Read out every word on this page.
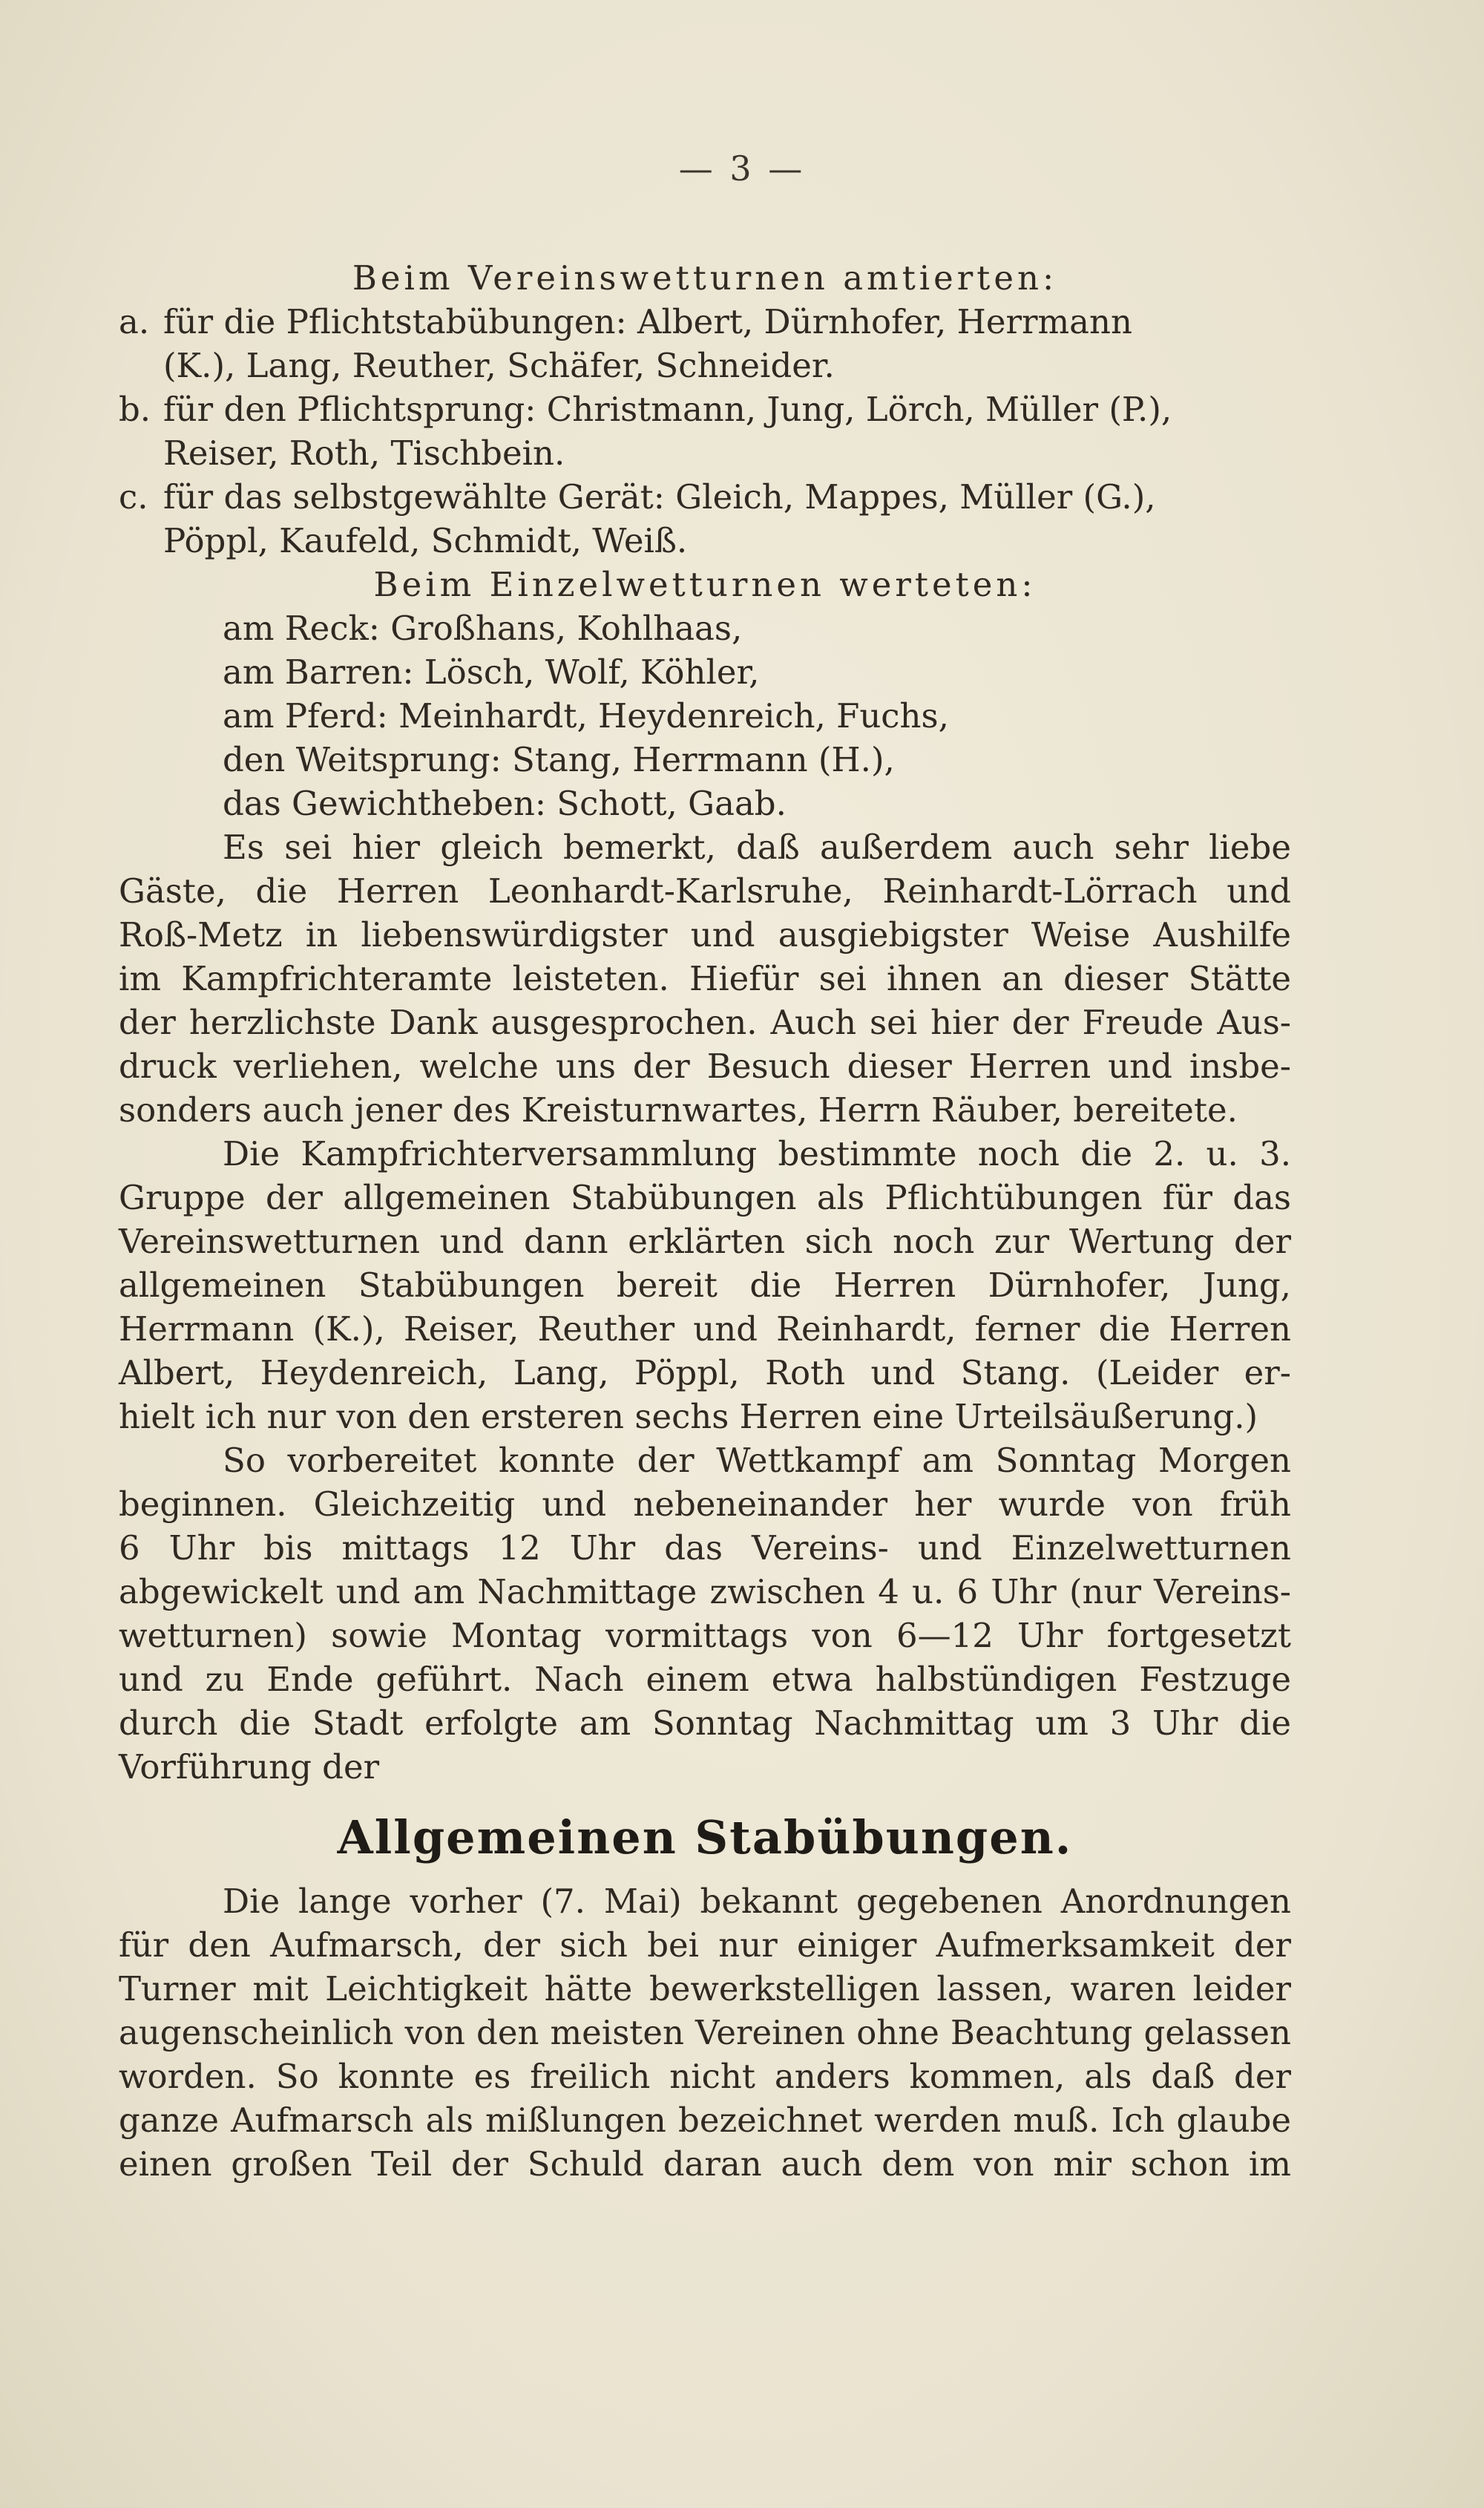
— 3 —

Beim Vereinswetturnen amtierten:

a. für die Pflichtstabübungen: Albert, Dürnhofer, Herrmann

(K.), Lang, Reuther, Schäfer, Schneider.

b. für den Pflichtsprung: Christmann, Jung, Lörch, Müller (P.),

Reiser, Roth, Tischbein.

c. für das selbstgewählte Gerät: Gleich, Mappes, Müller (G.),

Pöppl, Kaufeld, Schmidt, Weiß.

Beim Einzelwetturnen werteten:

am Reck: Großhans, Kohlhaas,

am Barren: Lösch, Wolf, Köhler,

am Pferd: Meinhardt, Heydenreich, Fuchs,

den Weitsprung: Stang, Herrmann (H.),

das Gewichtheben: Schott, Gaab.

Es sei hier gleich bemerkt, daß außerdem auch sehr liebe

Gäste, die Herren Leonhardt-Karlsruhe, Reinhardt-Lörrach und

Roß-Metz in liebenswürdigster und ausgiebigster Weise Aushilfe

im Kampfrichteramte leisteten. Hiefür sei ihnen an dieser Stätte

der herzlichste Dank ausgesprochen. Auch sei hier der Freude Aus-

druck verliehen, welche uns der Besuch dieser Herren und insbe-

sonders auch jener des Kreisturnwartes, Herrn Räuber, bereitete.

Die Kampfrichterversammlung bestimmte noch die 2. u. 3.

Gruppe der allgemeinen Stabübungen als Pflichtübungen für das

Vereinswetturnen und dann erklärten sich noch zur Wertung der

allgemeinen Stabübungen bereit die Herren Dürnhofer, Jung,

Herrmann (K.), Reiser, Reuther und Reinhardt, ferner die Herren

Albert, Heydenreich, Lang, Pöppl, Roth und Stang. (Leider er-

hielt ich nur von den ersteren sechs Herren eine Urteilsäußerung.)

So vorbereitet konnte der Wettkampf am Sonntag Morgen

beginnen. Gleichzeitig und nebeneinander her wurde von früh

6 Uhr bis mittags 12 Uhr das Vereins- und Einzelwetturnen

abgewickelt und am Nachmittage zwischen 4 u. 6 Uhr (nur Vereins-

wetturnen) sowie Montag vormittags von 6—12 Uhr fortgesetzt

und zu Ende geführt. Nach einem etwa halbstündigen Festzuge

durch die Stadt erfolgte am Sonntag Nachmittag um 3 Uhr die

Vorführung der

Allgemeinen Stabübungen.

Die lange vorher (7. Mai) bekannt gegebenen Anordnungen

für den Aufmarsch, der sich bei nur einiger Aufmerksamkeit der

Turner mit Leichtigkeit hätte bewerkstelligen lassen, waren leider

augenscheinlich von den meisten Vereinen ohne Beachtung gelassen

worden. So konnte es freilich nicht anders kommen, als daß der

ganze Aufmarsch als mißlungen bezeichnet werden muß. Ich glaube

einen großen Teil der Schuld daran auch dem von mir schon im
